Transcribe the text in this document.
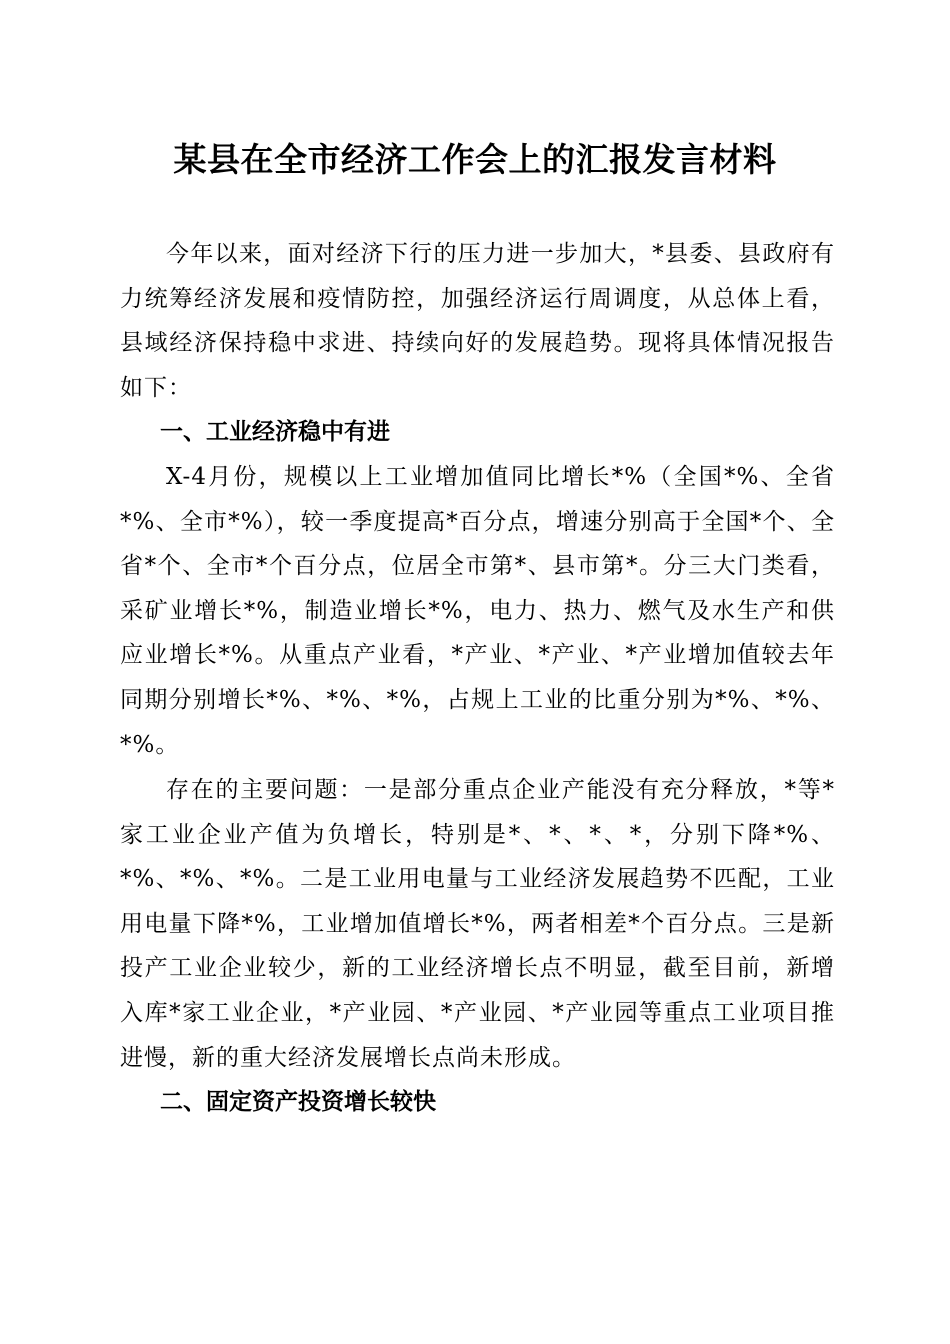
某县在全市经济工作会上的汇报发言材料

今年以来，面对经济下行的压力进一步加大，*县委、县政府有力统筹经济发展和疫情防控，加强经济运行周调度，从总体上看，县域经济保持稳中求进、持续向好的发展趋势。现将具体情况报告如下：

一、工业经济稳中有进

X-4月份，规模以上工业增加值同比增长*%（全国*%、全省*%、全市*%），较一季度提高*百分点，增速分别高于全国*个、全省*个、全市*个百分点，位居全市第*、县市第*。分三大门类看，采矿业增长*%，制造业增长*%，电力、热力、燃气及水生产和供应业增长*%。从重点产业看，*产业、*产业、*产业增加值较去年同期分别增长*%、*%、*%，占规上工业的比重分别为*%、*%、*%。

存在的主要问题：一是部分重点企业产能没有充分释放，*等*家工业企业产值为负增长，特别是*、*、*、*，分别下降*%、*%、*%、*%。二是工业用电量与工业经济发展趋势不匹配，工业用电量下降*%，工业增加值增长*%，两者相差*个百分点。三是新投产工业企业较少，新的工业经济增长点不明显，截至目前，新增入库*家工业企业，*产业园、*产业园、*产业园等重点工业项目推进慢，新的重大经济发展增长点尚未形成。

二、固定资产投资增长较快
